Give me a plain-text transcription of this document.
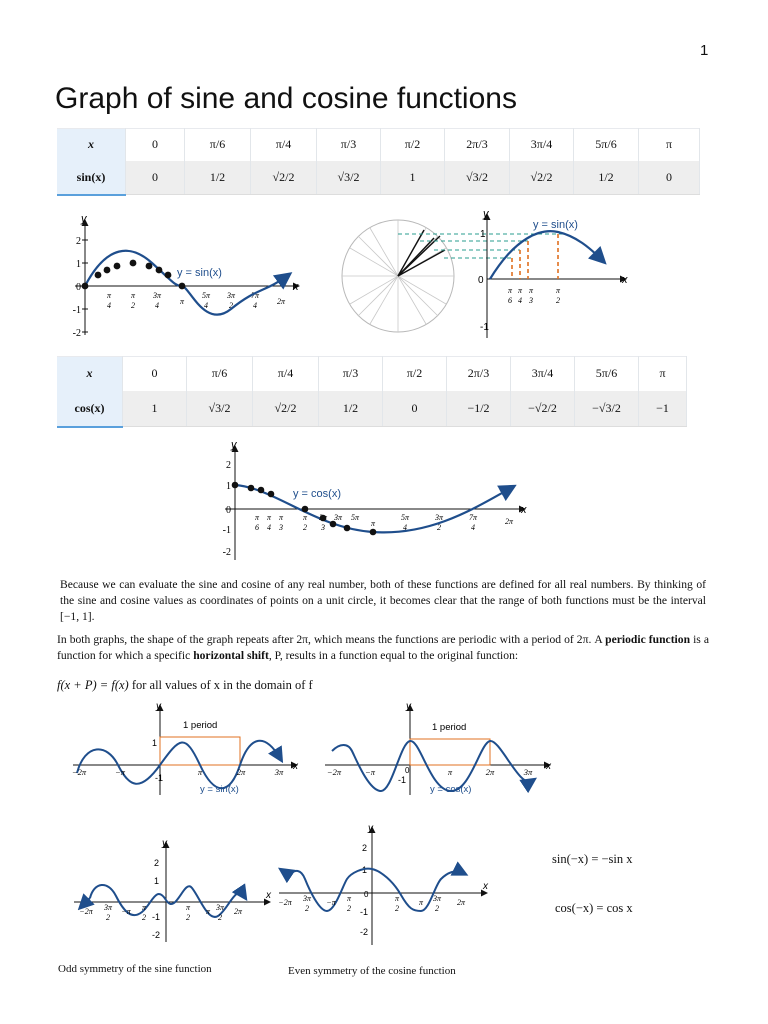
1
Graph of sine and cosine functions
x	0	π/6	π/4	π/3	π/2	2π/3	3π/4	5π/6	π
sin(x)	0	1/2	√2/2	√3/2	1	√3/2	√2/2	1/2	0
y
x
2
1
0
-1
-2
π
4
π
2
3π
4	π
5π
4
3π
2
7π
4 2π
y = sin(x)
y
x
1
0
-1
π
6
π
4
π
3
π
2
y = sin(x)
x	0	π/6	π/4	π/3	π/2	2π/3	3π/4	5π/6	π
cos(x)	1	√3/2	√2/2	1/2	0	−1/2	−√2/2	−√3/2	−1
y
x
2
1
0
-1
-2
π
6
π
4
π
3
π
2 3
3π 5π
π
5π
4
3π
2
7π
4
2π
y = cos(x)
Because we can evaluate the sine and cosine of any real number, both of these functions are defined for all real numbers. By thinking of the sine and cosine values as coordinates of points on a unit circle, it becomes clear that the range of both functions must be the interval [−1, 1].
In both graphs, the shape of the graph repeats after 2π, which means the functions are periodic with a period of 2π. A periodic function is a function for which a specific horizontal shift, P, results in a function equal to the original function:
f(x + P) = f(x) for all values of x in the domain of f
y
x
1 period
1
-1
−2π	−π	π	2π	3π
y = sin(x)
y
x
1 period
0
-1
−2π	−π	π	2π	3π
y = cos(x)
y
x
2
1
-1
-2
−2π 3π
2
−π π
2
π
2
π 3π
2
2π
Odd symmetry of the sine function
y
x
2
1
0
-1
-2
−2π 3π
2
−π π
2
π
2
π 3π
2
2π
Even symmetry of the cosine function
sin(−x) = −sin x
cos(−x) = cos x
